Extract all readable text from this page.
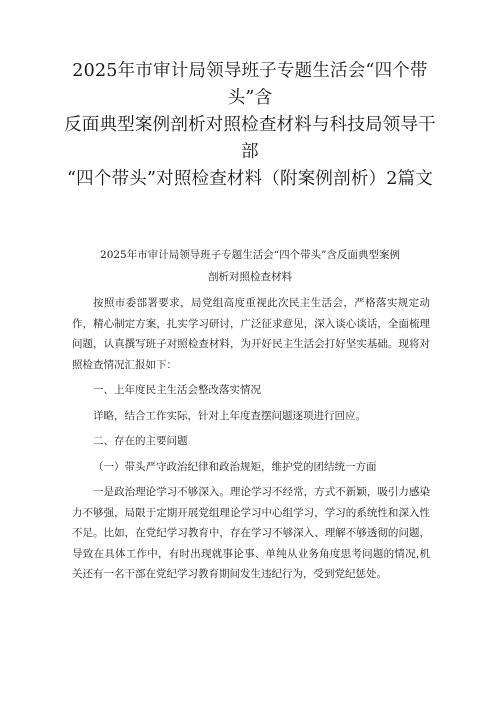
2025年市审计局领导班子专题生活会“四个带头”含
反面典型案例剖析对照检查材料与科技局领导干部
“四个带头”对照检查材料（附案例剖析）2篇文
2025年市审计局领导班子专题生活会“四个带头”含反面典型案例
剖析对照检查材料

按照市委部署要求，局党组高度重视此次民主生活会，严格落实规定动作，精心制定方案，扎实学习研讨，广泛征求意见，深入谈心谈话，全面梳理问题，认真撰写班子对照检查材料，为开好民主生活会打好坚实基础。现将对照检查情况汇报如下：

一、上年度民主生活会整改落实情况

详略，结合工作实际，针对上年度查摆问题逐项进行回应。

二、存在的主要问题

（一）带头严守政治纪律和政治规矩，维护党的团结统一方面

一是政治理论学习不够深入。理论学习不经常，方式不新颖，吸引力感染力不够强，局限于定期开展党组理论学习中心组学习，学习的系统性和深入性不足。比如，在党纪学习教育中，存在学习不够深入、理解不够透彻的问题，导致在具体工作中，有时出现就事论事、单纯从业务角度思考问题的情况,机关还有一名干部在党纪学习教育期间发生违纪行为，受到党纪惩处。
